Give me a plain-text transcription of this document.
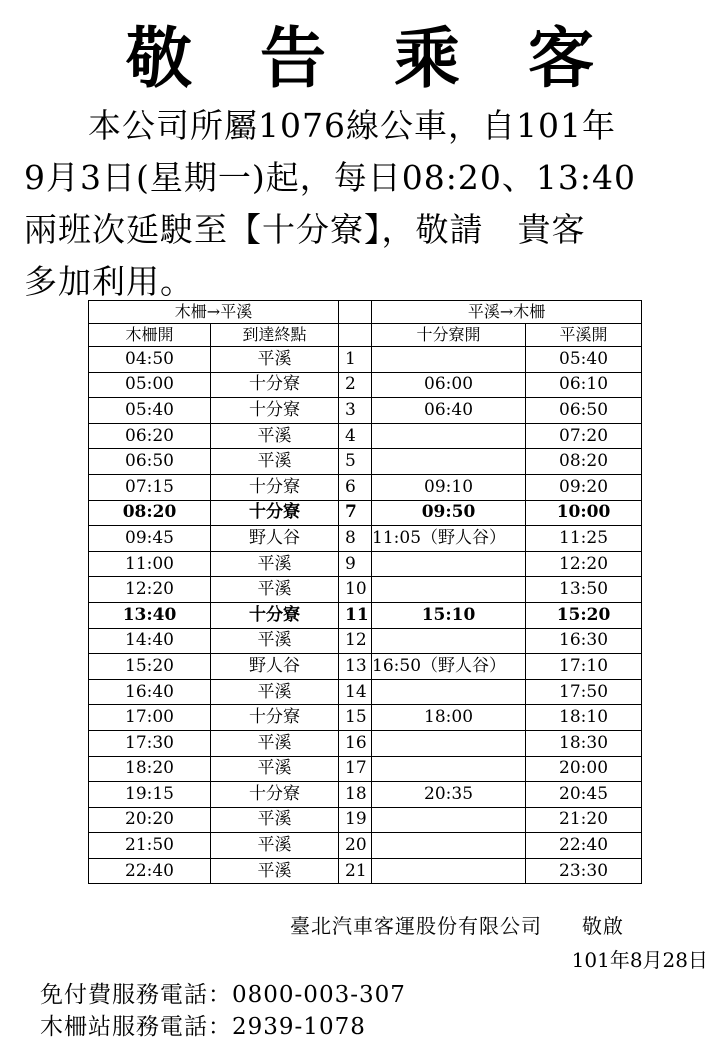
敬 告 乘 客
本公司所屬1076線公車，自101年
9月3日(星期一)起，每日08:20、13:40
兩班次延駛至【十分寮】，敬請　貴客
多加利用。
木柵→平溪			平溪→木柵	
木柵開	到達終點		十分寮開	平溪開
04:50	平溪	1		05:40
05:00	十分寮	2	06:00	06:10
05:40	十分寮	3	06:40	06:50
06:20	平溪	4		07:20
06:50	平溪	5		08:20
07:15	十分寮	6	09:10	09:20
08:20	十分寮	7	09:50	10:00
09:45	野人谷	8	11:05（野人谷）	11:25
11:00	平溪	9		12:20
12:20	平溪	10		13:50
13:40	十分寮	11	15:10	15:20
14:40	平溪	12		16:30
15:20	野人谷	13	16:50（野人谷）	17:10
16:40	平溪	14		17:50
17:00	十分寮	15	18:00	18:10
17:30	平溪	16		18:30
18:20	平溪	17		20:00
19:15	十分寮	18	20:35	20:45
20:20	平溪	19		21:20
21:50	平溪	20		22:40
22:40	平溪	21		23:30
臺北汽車客運股份有限公司 敬啟
101年8月28日
免付費服務電話：0800-003-307
木柵站服務電話：2939-1078
